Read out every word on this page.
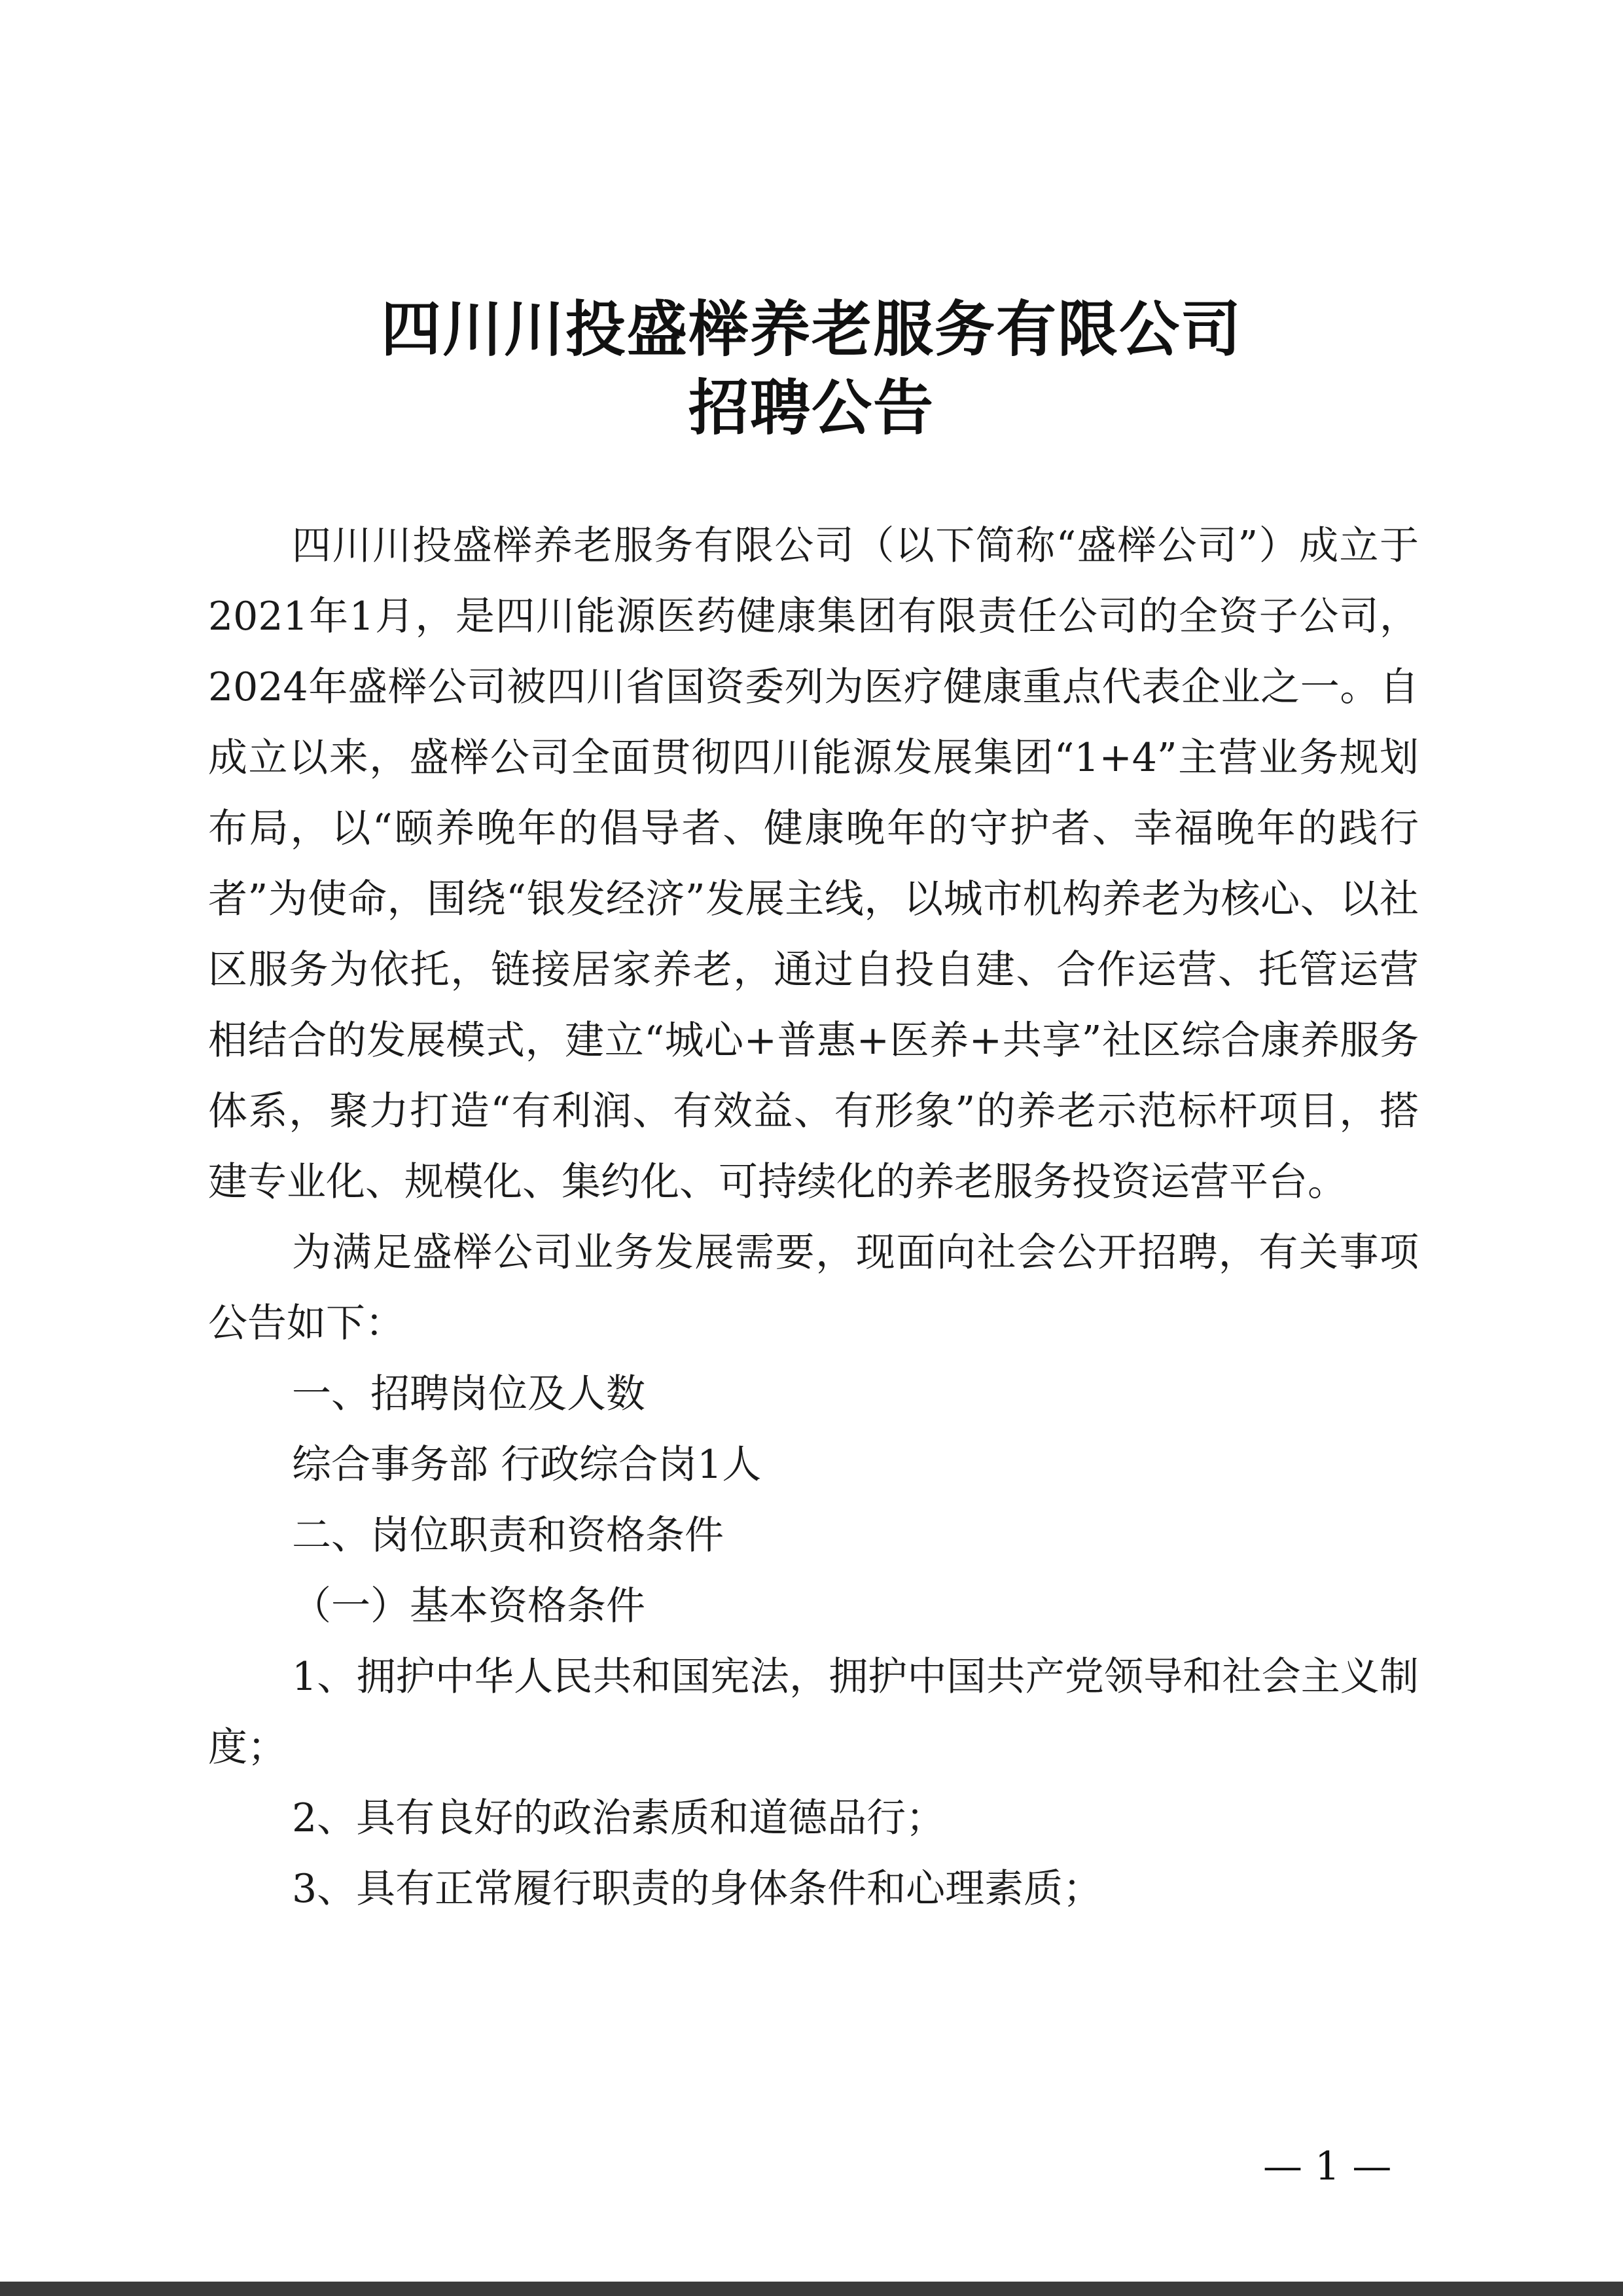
四川川投盛榉养老服务有限公司
招聘公告

四川川投盛榉养老服务有限公司（以下简称“盛榉公司”）成立于2021年1月，是四川能源医药健康集团有限责任公司的全资子公司，2024年盛榉公司被四川省国资委列为医疗健康重点代表企业之一。自成立以来，盛榉公司全面贯彻四川能源发展集团“1+4”主营业务规划布局，以“颐养晚年的倡导者、健康晚年的守护者、幸福晚年的践行者”为使命，围绕“银发经济”发展主线，以城市机构养老为核心、以社区服务为依托，链接居家养老，通过自投自建、合作运营、托管运营相结合的发展模式，建立“城心+普惠+医养+共享”社区综合康养服务体系，聚力打造“有利润、有效益、有形象”的养老示范标杆项目，搭建专业化、规模化、集约化、可持续化的养老服务投资运营平台。

为满足盛榉公司业务发展需要，现面向社会公开招聘，有关事项公告如下：

一、招聘岗位及人数

综合事务部 行政综合岗1人

二、岗位职责和资格条件

（一）基本资格条件

1、拥护中华人民共和国宪法，拥护中国共产党领导和社会主义制度；

2、具有良好的政治素质和道德品行；

3、具有正常履行职责的身体条件和心理素质；

— 1 —
